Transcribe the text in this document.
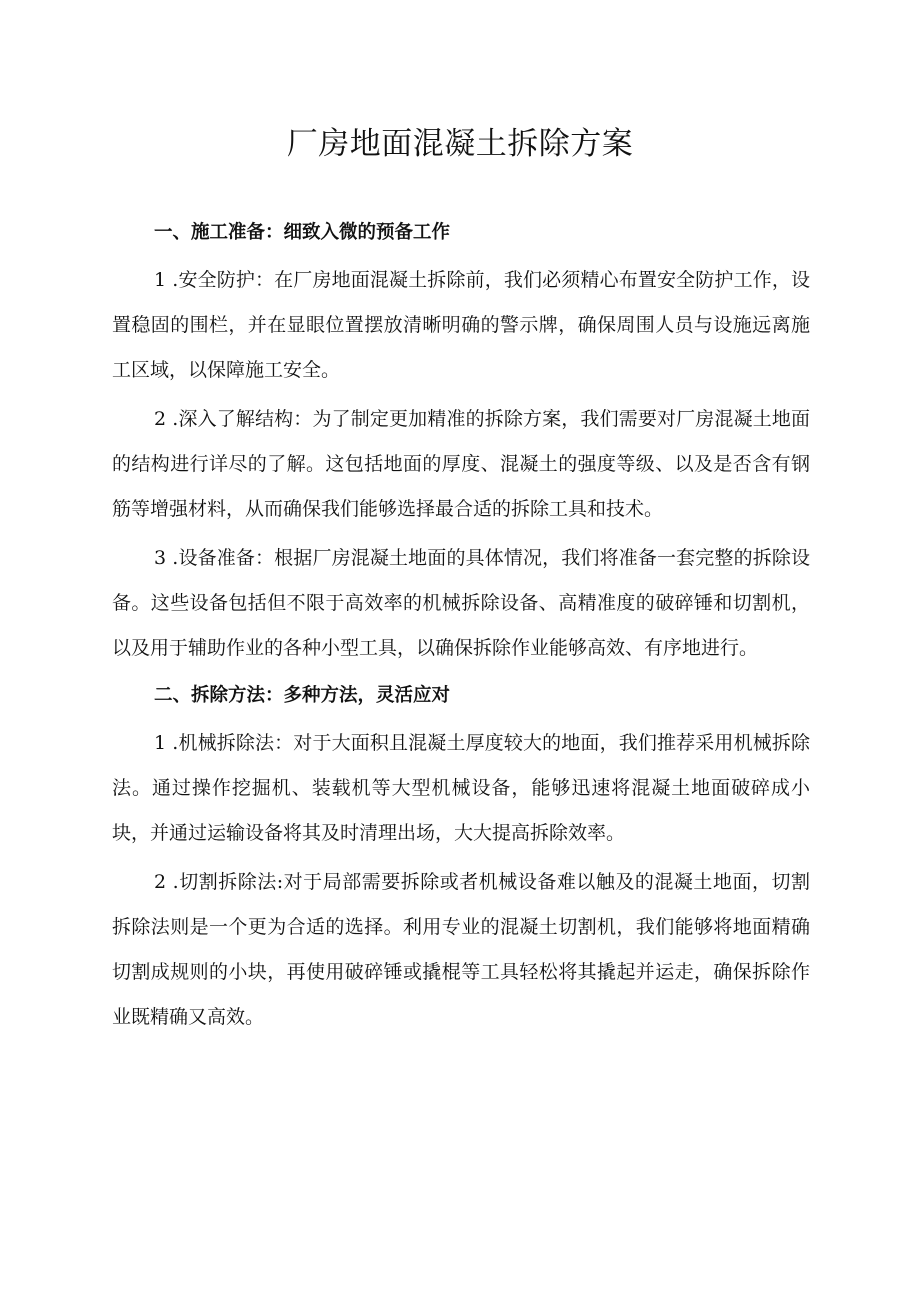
厂房地面混凝土拆除方案
一、施工准备：细致入微的预备工作

1 .安全防护：在厂房地面混凝土拆除前，我们必须精心布置安全防护工作，设置稳固的围栏，并在显眼位置摆放清晰明确的警示牌，确保周围人员与设施远离施工区域，以保障施工安全。

2 .深入了解结构：为了制定更加精准的拆除方案，我们需要对厂房混凝土地面的结构进行详尽的了解。这包括地面的厚度、混凝土的强度等级、以及是否含有钢筋等增强材料，从而确保我们能够选择最合适的拆除工具和技术。

3 .设备准备：根据厂房混凝土地面的具体情况，我们将准备一套完整的拆除设备。这些设备包括但不限于高效率的机械拆除设备、高精准度的破碎锤和切割机，以及用于辅助作业的各种小型工具，以确保拆除作业能够高效、有序地进行。

二、拆除方法：多种方法，灵活应对

1 .机械拆除法：对于大面积且混凝土厚度较大的地面，我们推荐采用机械拆除法。通过操作挖掘机、装载机等大型机械设备，能够迅速将混凝土地面破碎成小块，并通过运输设备将其及时清理出场，大大提高拆除效率。

2 .切割拆除法:对于局部需要拆除或者机械设备难以触及的混凝土地面，切割拆除法则是一个更为合适的选择。利用专业的混凝土切割机，我们能够将地面精确切割成规则的小块，再使用破碎锤或撬棍等工具轻松将其撬起并运走，确保拆除作业既精确又高效。
